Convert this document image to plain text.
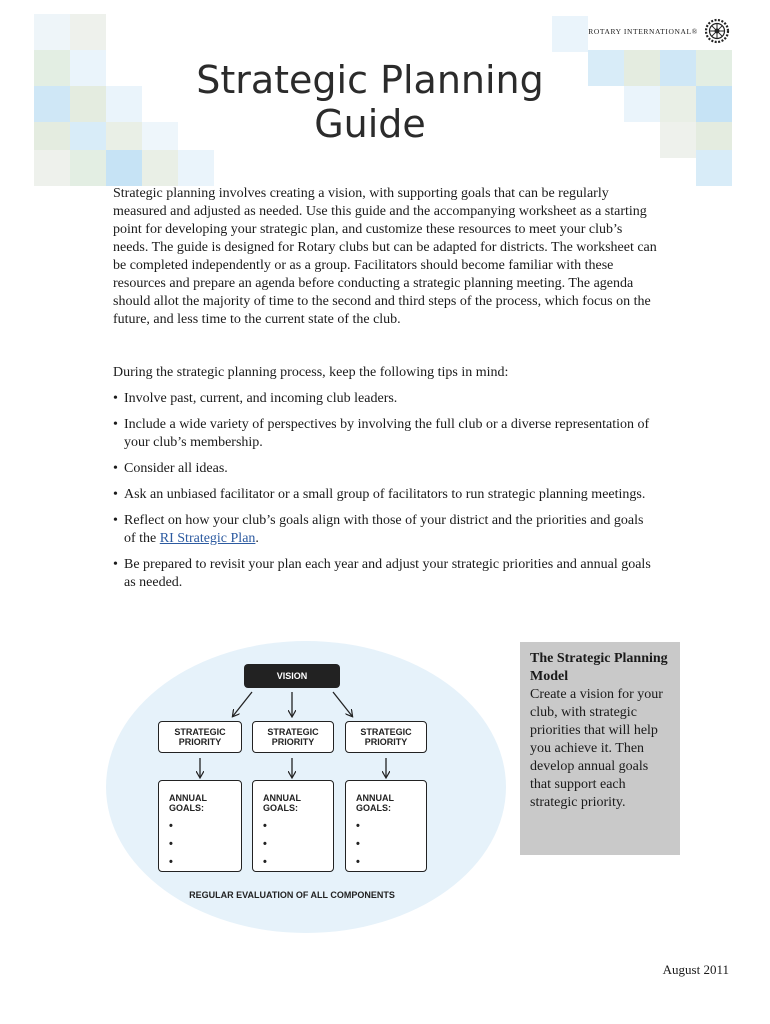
ROTARY INTERNATIONAL®
Strategic Planning
Guide

Strategic planning involves creating a vision, with supporting goals that can be regularly measured and adjusted as needed. Use this guide and the accompanying worksheet as a starting point for developing your strategic plan, and customize these resources to meet your club’s needs. The guide is designed for Rotary clubs but can be adapted for districts. The worksheet can be completed independently or as a group. Facilitators should become familiar with these resources and prepare an agenda before conducting a strategic planning meeting. The agenda should allot the majority of time to the second and third steps of the process, which focus on the future, and less time to the current state of the club.

During the strategic planning process, keep the following tips in mind:

• Involve past, current, and incoming club leaders.
• Include a wide variety of perspectives by involving the full club or a diverse representation of your club’s membership.
• Consider all ideas.
• Ask an unbiased facilitator or a small group of facilitators to run strategic planning meetings.
• Reflect on how your club’s goals align with those of your district and the priorities and goals of the RI Strategic Plan.
• Be prepared to revisit your plan each year and adjust your strategic priorities and annual goals as needed.
VISION
STRATEGIC
PRIORITY
STRATEGIC
PRIORITY
STRATEGIC
PRIORITY
ANNUAL GOALS:
•
•
•
ANNUAL GOALS:
•
•
•
ANNUAL GOALS:
•
•
•
REGULAR EVALUATION OF ALL COMPONENTS
The Strategic Planning Model
Create a vision for your club, with strategic priorities that will help you achieve it. Then develop annual goals that support each strategic priority.
August 2011
